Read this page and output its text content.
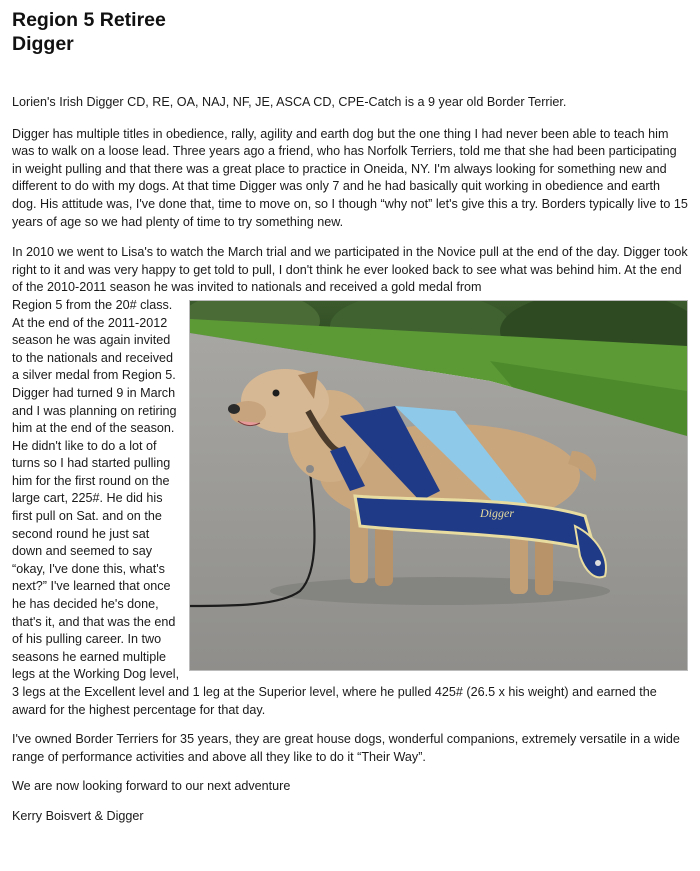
Region 5 Retiree
Digger

Lorien's Irish Digger CD, RE, OA, NAJ, NF, JE, ASCA CD, CPE-Catch is a 9 year old Border Terrier.

Digger has multiple titles in obedience, rally, agility and earth dog but the one thing I had never been able to teach him was to walk on a loose lead. Three years ago a friend, who has Norfolk Terriers, told me that she had been participating in weight pulling and that there was a great place to practice in Oneida, NY. I'm always looking for something new and different to do with my dogs. At that time Digger was only 7 and he had basically quit working in obedience and earth dog. His attitude was, I've done that, time to move on, so I though “why not” let's give this a try. Borders typically live to 15 years of age so we had plenty of time to try something new.

In 2010 we went to Lisa's to watch the March trial and we participated in the Novice pull at the end of the day. Digger took right to it and was very happy to get told to pull, I don't think he ever looked back to see what was behind him. At the end of the 2010-2011 season he was invited to nationals and received a gold medal from

Digger

Region 5 from the 20# class. At the end of the 2011-2012 season he was again invited to the nationals and received a silver medal from Region 5. Digger had turned 9 in March and I was planning on retiring him at the end of the season. He didn't like to do a lot of turns so I had started pulling him for the first round on the large cart, 225#. He did his first pull on Sat. and on the second round he just sat down and seemed to say “okay, I've done this, what's next?” I've learned that once he has decided he's done, that's it, and that was the end of his pulling career. In two seasons he earned multiple legs at the Working Dog level, 3 legs at the Excellent level and 1 leg at the Superior level, where he pulled 425# (26.5 x his weight) and earned the award for the highest percentage for that day.

I've owned Border Terriers for 35 years, they are great house dogs, wonderful companions, extremely versatile in a wide range of performance activities and above all they like to do it “Their Way”.

We are now looking forward to our next adventure

Kerry Boisvert & Digger
